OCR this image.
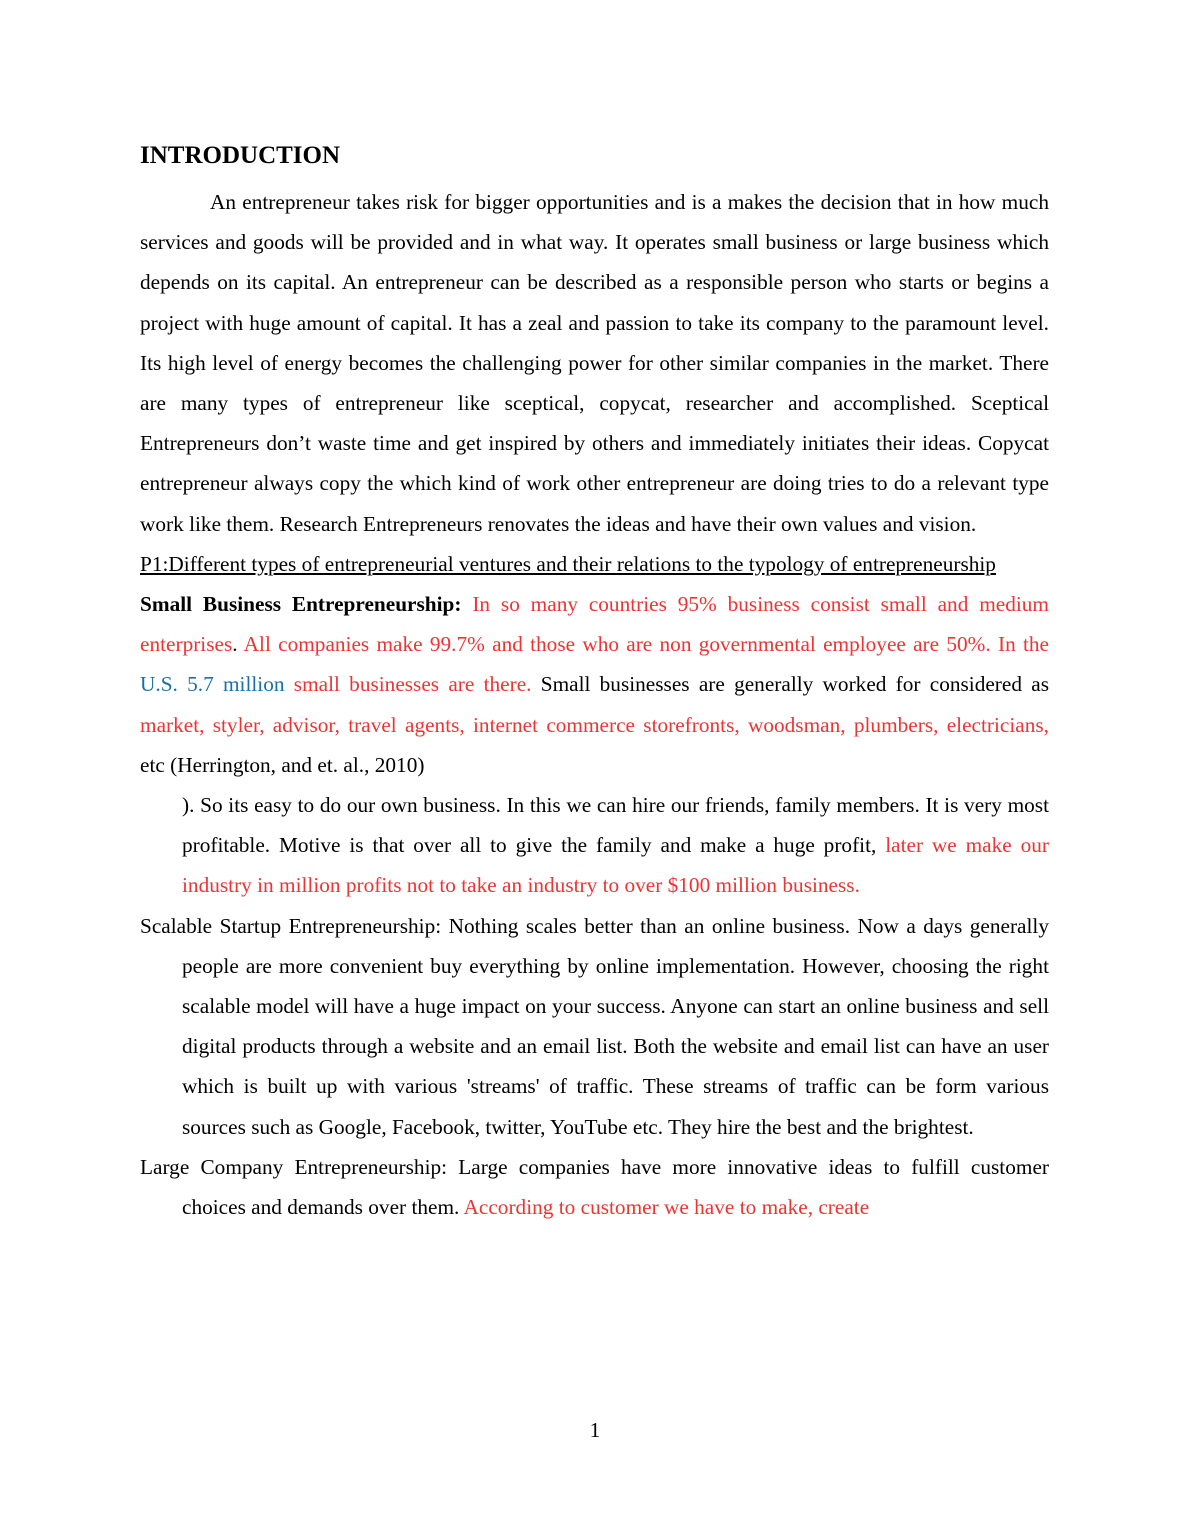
INTRODUCTION

An entrepreneur takes risk for bigger opportunities and is a makes the decision that in how much services and goods will be provided and in what way. It operates small business or large business which depends on its capital. An entrepreneur can be described as a responsible person who starts or begins a project with huge amount of capital. It has a zeal and passion to take its company to the paramount level. Its high level of energy becomes the challenging power for other similar companies in the market. There are many types of entrepreneur like sceptical, copycat, researcher and accomplished. Sceptical Entrepreneurs don’t waste time and get inspired by others and immediately initiates their ideas. Copycat entrepreneur always copy the which kind of work other entrepreneur are doing tries to do a relevant type work like them. Research Entrepreneurs renovates the ideas and have their own values and vision.

P1:Different types of entrepreneurial ventures and their relations to the typology of entrepreneurship

Small Business Entrepreneurship: In so many countries 95% business consist small and medium enterprises. All companies make 99.7% and those who are non governmental employee are 50%. In the U.S. 5.7 million small businesses are there. Small businesses are generally worked for considered as market, styler, advisor, travel agents, internet commerce storefronts, woodsman, plumbers, electricians, etc (Herrington, and et. al., 2010)

). So its easy to do our own business. In this we can hire our friends, family members. It is very most profitable. Motive is that over all to give the family and make a huge profit, later we make our industry in million profits not to take an industry to over $100 million business.

Scalable Startup Entrepreneurship: Nothing scales better than an online business. Now a days generally people are more convenient buy everything by online implementation. However, choosing the right scalable model will have a huge impact on your success. Anyone can start an online business and sell digital products through a website and an email list. Both the website and email list can have an user which is built up with various 'streams' of traffic. These streams of traffic can be form various sources such as Google, Facebook, twitter, YouTube etc. They hire the best and the brightest.

Large Company Entrepreneurship: Large companies have more innovative ideas to fulfill customer choices and demands over them. According to customer we have to make, create

1
